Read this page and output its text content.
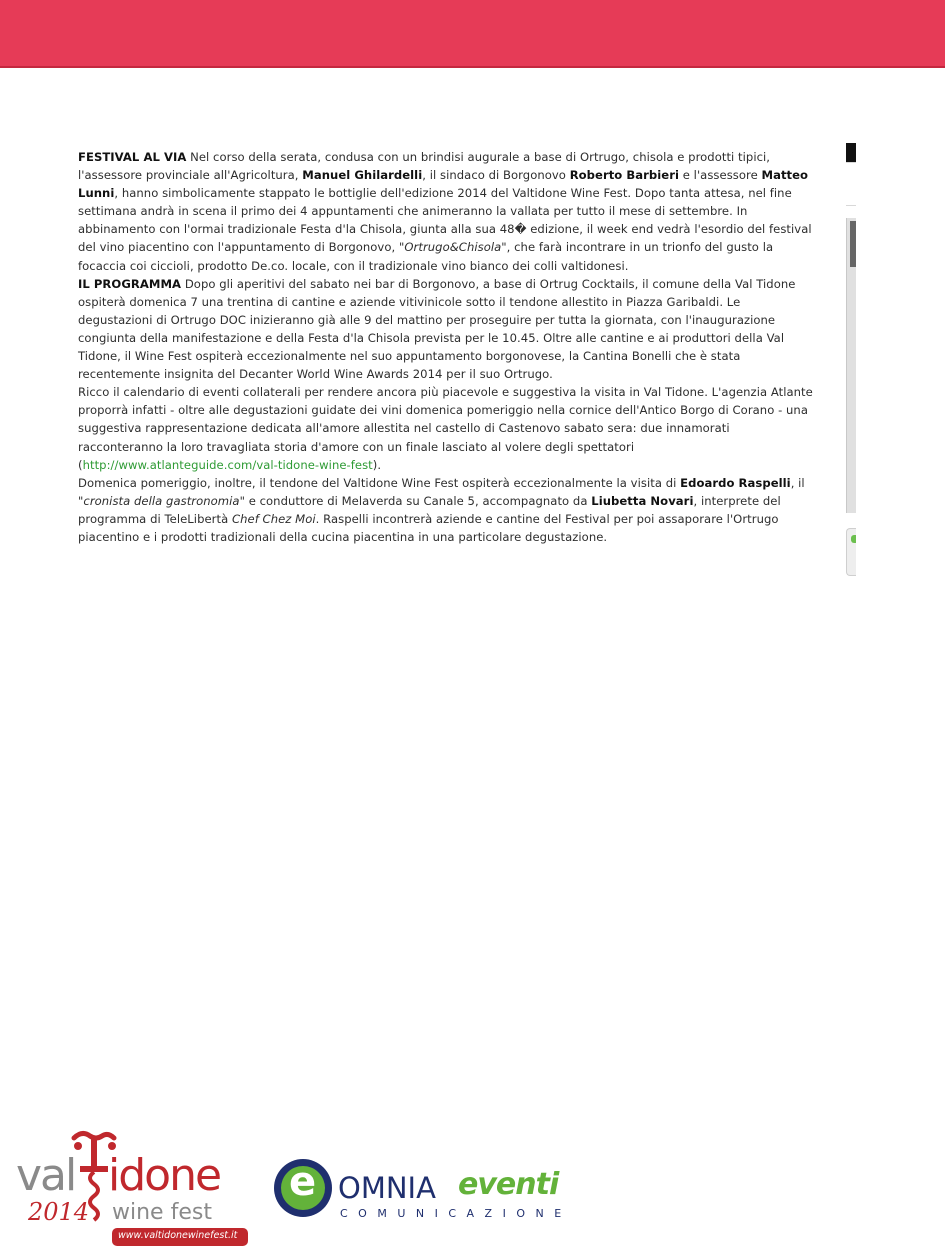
FESTIVAL AL VIA Nel corso della serata, condusa con un brindisi augurale a base di Ortrugo, chisola e prodotti tipici, l'assessore provinciale all'Agricoltura, Manuel Ghilardelli, il sindaco di Borgonovo Roberto Barbieri e l'assessore Matteo Lunni, hanno simbolicamente stappato le bottiglie dell'edizione 2014 del Valtidone Wine Fest. Dopo tanta attesa, nel fine settimana andrà in scena il primo dei 4 appuntamenti che animeranno la vallata per tutto il mese di settembre. In abbinamento con l'ormai tradizionale Festa d'la Chisola, giunta alla sua 48� edizione, il week end vedrà l'esordio del festival del vino piacentino con l'appuntamento di Borgonovo, "Ortrugo&Chisola", che farà incontrare in un trionfo del gusto la focaccia coi ciccioli, prodotto De.co. locale, con il tradizionale vino bianco dei colli valtidonesi.

IL PROGRAMMA Dopo gli aperitivi del sabato nei bar di Borgonovo, a base di Ortrug Cocktails, il comune della Val Tidone ospiterà domenica 7 una trentina di cantine e aziende vitivinicole sotto il tendone allestito in Piazza Garibaldi. Le degustazioni di Ortrugo DOC inizieranno già alle 9 del mattino per proseguire per tutta la giornata, con l'inaugurazione congiunta della manifestazione e della Festa d'la Chisola prevista per le 10.45. Oltre alle cantine e ai produttori della Val Tidone, il Wine Fest ospiterà eccezionalmente nel suo appuntamento borgonovese, la Cantina Bonelli che è stata recentemente insignita del Decanter World Wine Awards 2014 per il suo Ortrugo.

Ricco il calendario di eventi collaterali per rendere ancora più piacevole e suggestiva la visita in Val Tidone. L'agenzia Atlante proporrà infatti - oltre alle degustazioni guidate dei vini domenica pomeriggio nella cornice dell'Antico Borgo di Corano - una suggestiva rappresentazione dedicata all'amore allestita nel castello di Castenovo sabato sera: due innamorati racconteranno la loro travagliata storia d'amore con un finale lasciato al volere degli spettatori (http://www.atlanteguide.com/val-tidone-wine-fest).

Domenica pomeriggio, inoltre, il tendone del Valtidone Wine Fest ospiterà eccezionalmente la visita di Edoardo Raspelli, il "cronista della gastronomia" e conduttore di Melaverda su Canale 5, accompagnato da Liubetta Novari, interprete del programma di TeleLibertà Chef Chez Moi. Raspelli incontrerà aziende e cantine del Festival per poi assaporare l'Ortrugo piacentino e i prodotti tradizionali della cucina piacentina in una particolare degustazione.

val idone
2014 wine fest
www.valtidonewinefest.it
e OMNIA eventi
COMUNICAZIONE
